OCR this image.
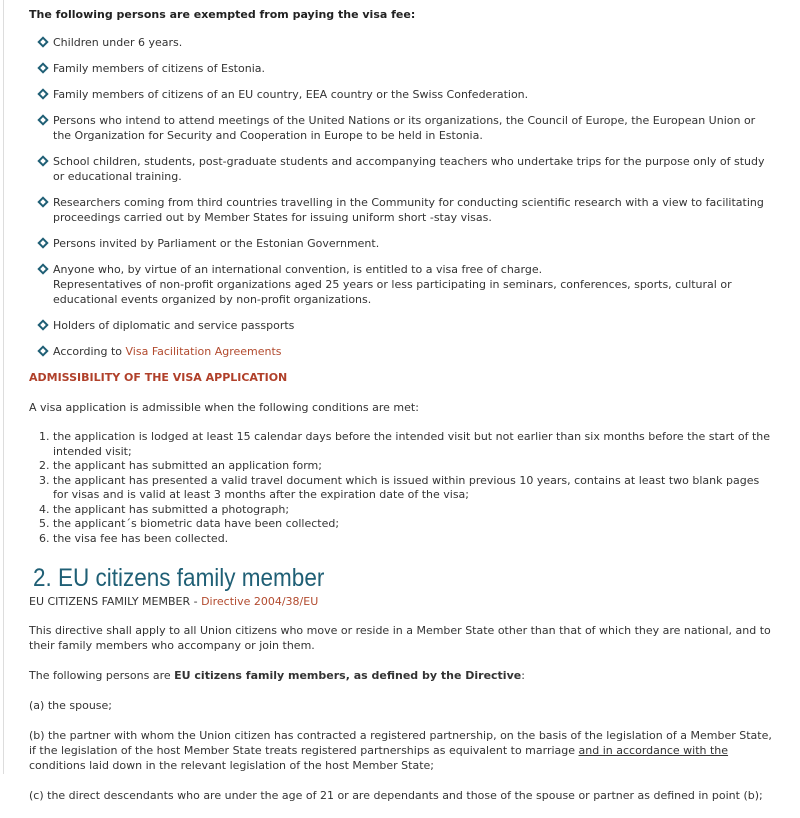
The following persons are exempted from paying the visa fee:
Children under 6 years.
Family members of citizens of Estonia.
Family members of citizens of an EU country, EEA country or the Swiss Confederation.
Persons who intend to attend meetings of the United Nations or its organizations, the Council of Europe, the European Union or the Organization for Security and Cooperation in Europe to be held in Estonia.
School children, students, post-graduate students and accompanying teachers who undertake trips for the purpose only of study or educational training.
Researchers coming from third countries travelling in the Community for conducting scientific research with a view to facilitating proceedings carried out by Member States for issuing uniform short -stay visas.
Persons invited by Parliament or the Estonian Government.
Anyone who, by virtue of an international convention, is entitled to a visa free of charge.
Representatives of non-profit organizations aged 25 years or less participating in seminars, conferences, sports, cultural or educational events organized by non-profit organizations.
Holders of diplomatic and service passports
According to Visa Facilitation Agreements
ADMISSIBILITY OF THE VISA APPLICATION

A visa application is admissible when the following conditions are met:

1. the application is lodged at least 15 calendar days before the intended visit but not earlier than six months before the start of the intended visit;
2. the applicant has submitted an application form;
3. the applicant has presented a valid travel document which is issued within previous 10 years, contains at least two blank pages for visas and is valid at least 3 months after the expiration date of the visa;
4. the applicant has submitted a photograph;
5. the applicant´s biometric data have been collected;
6. the visa fee has been collected.
2. EU citizens family member

EU CITIZENS FAMILY MEMBER - Directive 2004/38/EU

This directive shall apply to all Union citizens who move or reside in a Member State other than that of which they are national, and to their family members who accompany or join them.

The following persons are EU citizens family members, as defined by the Directive:

(a) the spouse;

(b) the partner with whom the Union citizen has contracted a registered partnership, on the basis of the legislation of a Member State, if the legislation of the host Member State treats registered partnerships as equivalent to marriage and in accordance with the conditions laid down in the relevant legislation of the host Member State;

(c) the direct descendants who are under the age of 21 or are dependants and those of the spouse or partner as defined in point (b);
